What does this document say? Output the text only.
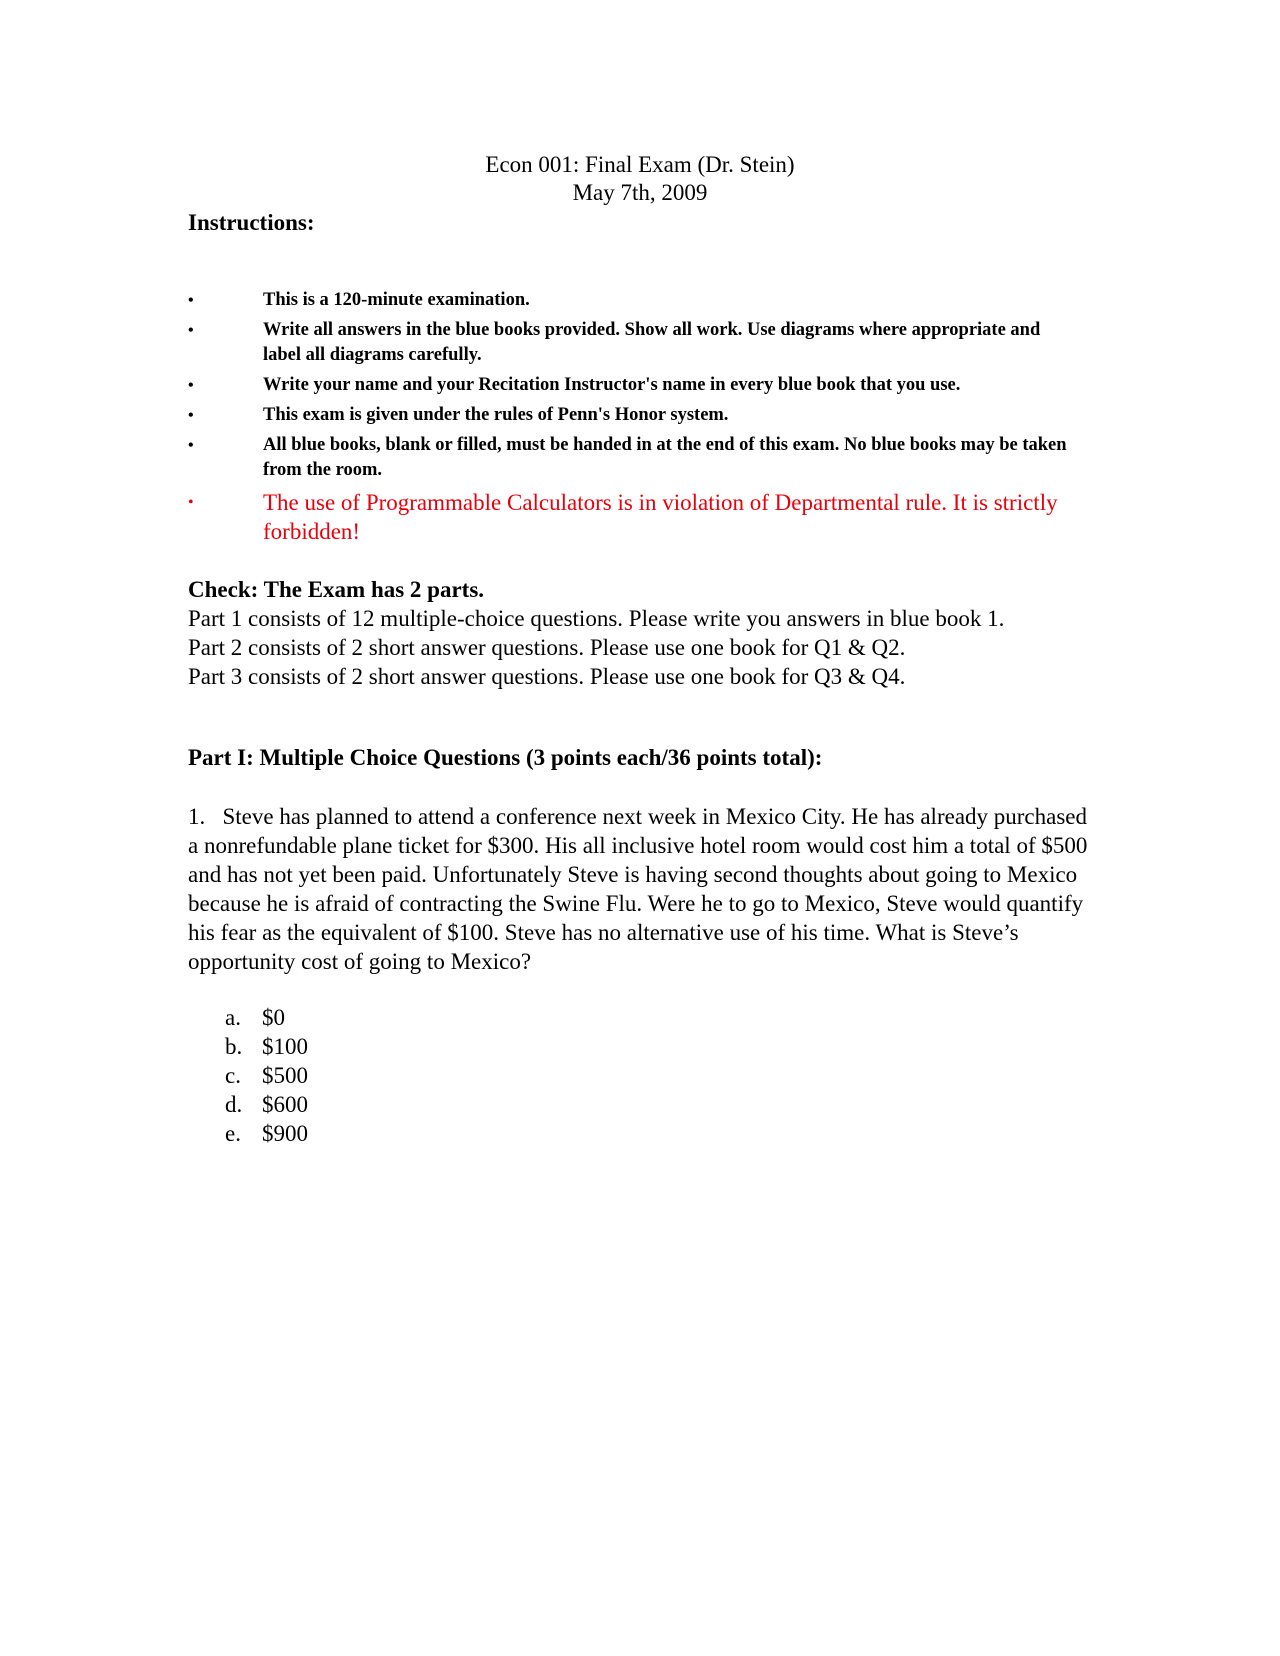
Econ 001: Final Exam (Dr. Stein)
May 7th, 2009
Instructions:
•	This is a 120-minute examination.
•	Write all answers in the blue books provided. Show all work. Use diagrams where appropriate and label all diagrams carefully.
•	Write your name and your Recitation Instructor's name in every blue book that you use.
•	This exam is given under the rules of Penn's Honor system.
•	All blue books, blank or filled, must be handed in at the end of this exam. No blue books may be taken from the room.
•	The use of Programmable Calculators is in violation of Departmental rule. It is strictly forbidden!
Check: The Exam has 2 parts.
Part 1 consists of 12 multiple-choice questions. Please write you answers in blue book 1.
Part 2 consists of 2 short answer questions. Please use one book for Q1 & Q2.
Part 3 consists of 2 short answer questions. Please use one book for Q3 & Q4.
Part I: Multiple Choice Questions (3 points each/36 points total):

1. Steve has planned to attend a conference next week in Mexico City. He has already purchased a nonrefundable plane ticket for $300. His all inclusive hotel room would cost him a total of $500 and has not yet been paid. Unfortunately Steve is having second thoughts about going to Mexico because he is afraid of contracting the Swine Flu. Were he to go to Mexico, Steve would quantify his fear as the equivalent of $100. Steve has no alternative use of his time. What is Steve’s opportunity cost of going to Mexico?

a. $0
b. $100
c. $500
d. $600
e. $900
